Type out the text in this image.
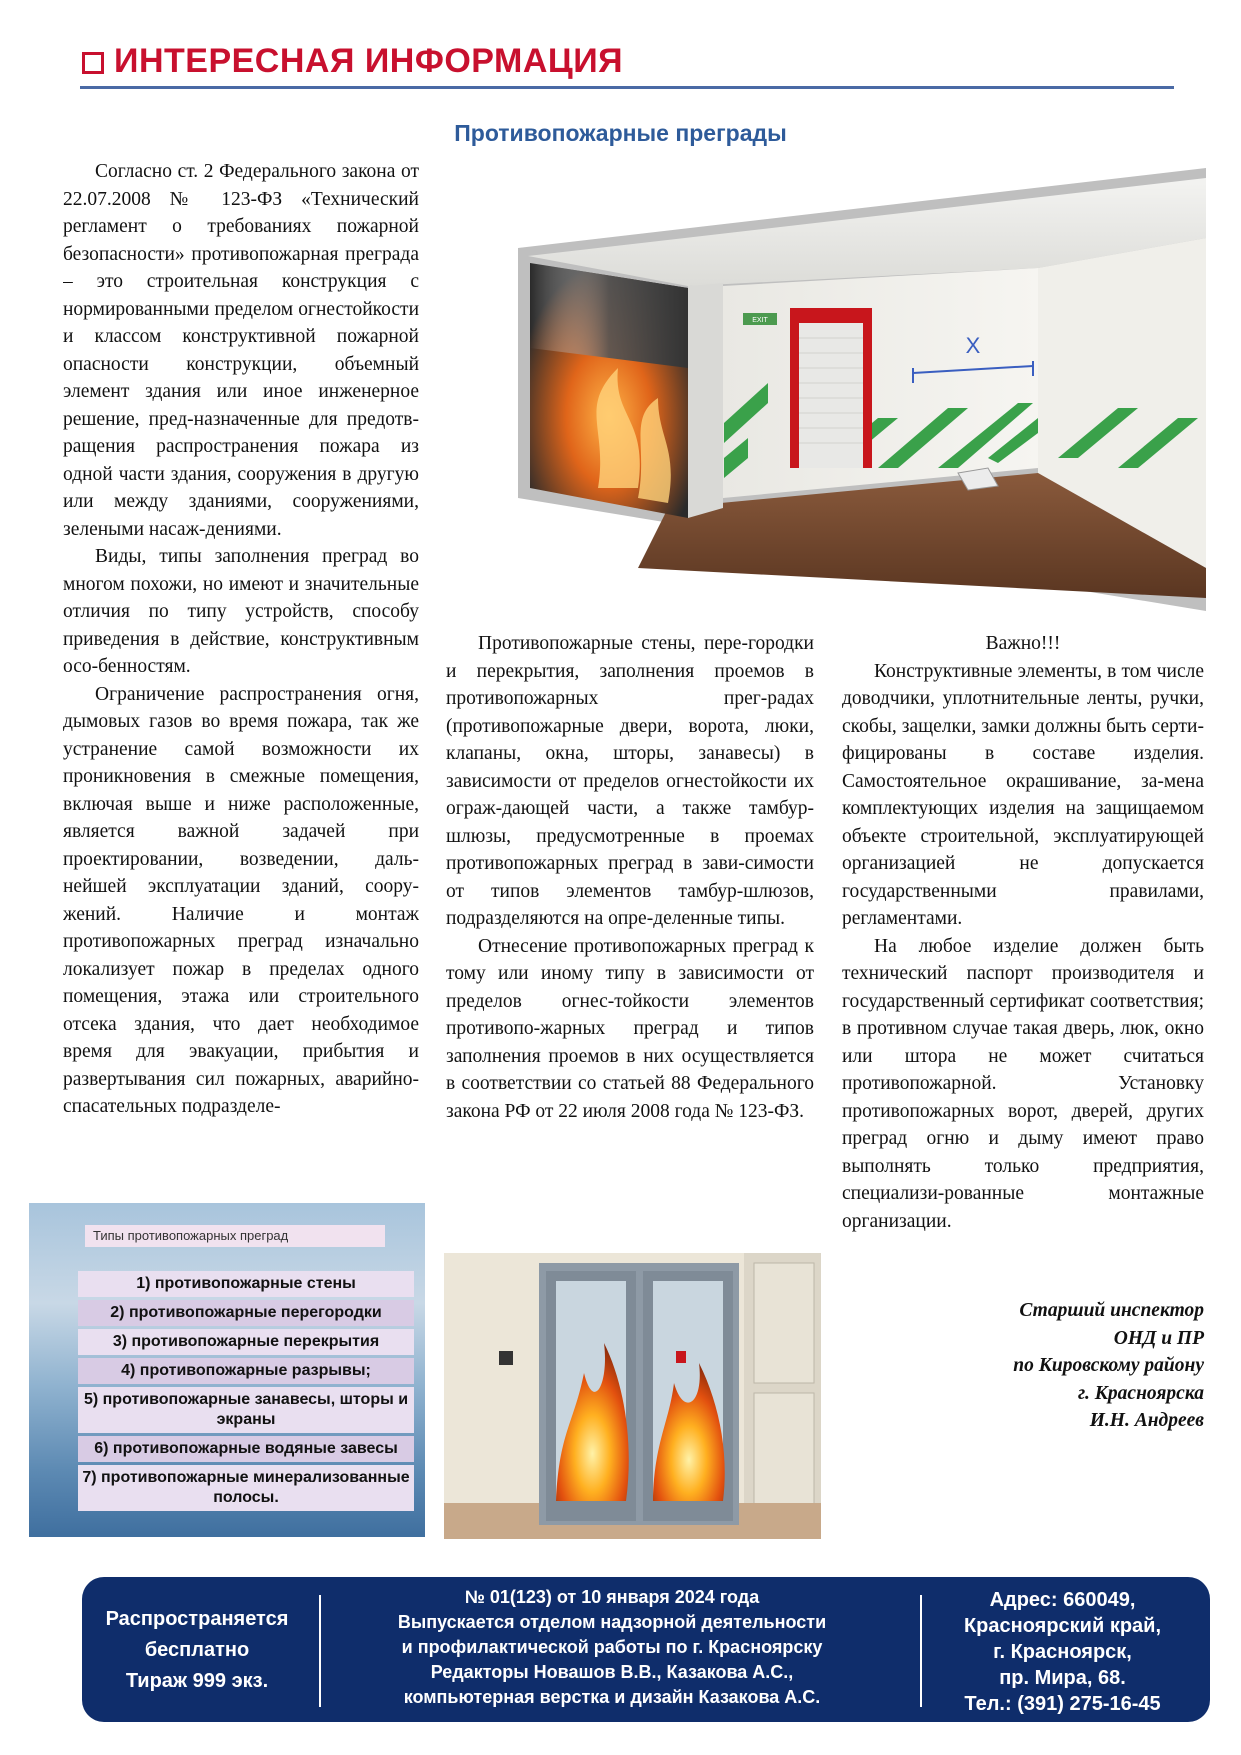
ИНТЕРЕСНАЯ ИНФОРМАЦИЯ
Противопожарные преграды

Согласно ст. 2 Федерального закона от 22.07.2008 № 123-ФЗ «Технический регламент о требованиях пожарной безопасности» противопожарная преграда – это строительная конструкция с нормированными пределом огнестойкости и классом конструктивной пожарной опасности конструкции, объемный элемент здания или иное инженерное решение, пред-назначенные для предотв-ращения распространения пожара из одной части здания, сооружения в другую или между зданиями, сооружениями, зелеными насаж-дениями.

Виды, типы заполнения преград во многом похожи, но имеют и значительные отличия по типу устройств, способу приведения в действие, конструктивным осо-бенностям.

Ограничение распространения огня, дымовых газов во время пожара, так же устранение самой возможности их проникновения в смежные помещения, включая выше и ниже расположенные, является важной задачей при проектировании, возведении, даль-нейшей эксплуатации зданий, соору-жений. Наличие и монтаж противопожарных преград изначально локализует пожар в пределах одного помещения, этажа или строительного отсека здания, что дает необходимое время для эвакуации, прибытия и развертывания сил пожарных, аварийно-спасательных подразделе-

EXIT
X

Противопожарные стены, пере-городки и перекрытия, заполнения проемов в противопожарных прег-радах (противопожарные двери, ворота, люки, клапаны, окна, шторы, занавесы) в зависимости от пределов огнестойкости их ограж-дающей части, а также тамбур-шлюзы, предусмотренные в проемах противопожарных преград в зави-симости от типов элементов тамбур-шлюзов, подразделяются на опре-деленные типы.

Отнесение противопожарных преград к тому или иному типу в зависимости от пределов огнес-тойкости элементов противопо-жарных преград и типов заполнения проемов в них осуществляется в соответствии со статьей 88 Федерального закона РФ от 22 июля 2008 года № 123-ФЗ.

Важно!!!

Конструктивные элементы, в том числе доводчики, уплотнительные ленты, ручки, скобы, защелки, замки должны быть серти-фицированы в составе изделия. Самостоятельное окрашивание, за-мена комплектующих изделия на защищаемом объекте строительной, эксплуатирующей организацией не допускается государственными правилами, регламентами.

На любое изделие должен быть технический паспорт производителя и государственный сертификат соответствия; в противном случае такая дверь, люк, окно или штора не может считаться противопожарной. Установку противопожарных ворот, дверей, других преград огню и дыму имеют право выполнять только предприятия, специализи-рованные монтажные организации.

Старший инспектор
ОНД и ПР
по Кировскому району
г. Красноярска
И.Н. Андреев
Типы противопожарных преград
1) противопожарные стены
2) противопожарные перегородки
3) противопожарные перекрытия
4) противопожарные разрывы;
5) противопожарные занавесы, шторы и экраны
6) противопожарные водяные завесы
7) противопожарные минерализованные полосы.
Распространяется
бесплатно
Тираж 999 экз.
№ 01(123) от 10 января 2024 года
Выпускается отделом надзорной деятельности
и профилактической работы по г. Красноярску
Редакторы Новашов В.В., Казакова А.С.,
компьютерная верстка и дизайн Казакова А.С.
Адрес: 660049,
Красноярский край,
г. Красноярск,
пр. Мира, 68.
Тел.: (391) 275-16-45
